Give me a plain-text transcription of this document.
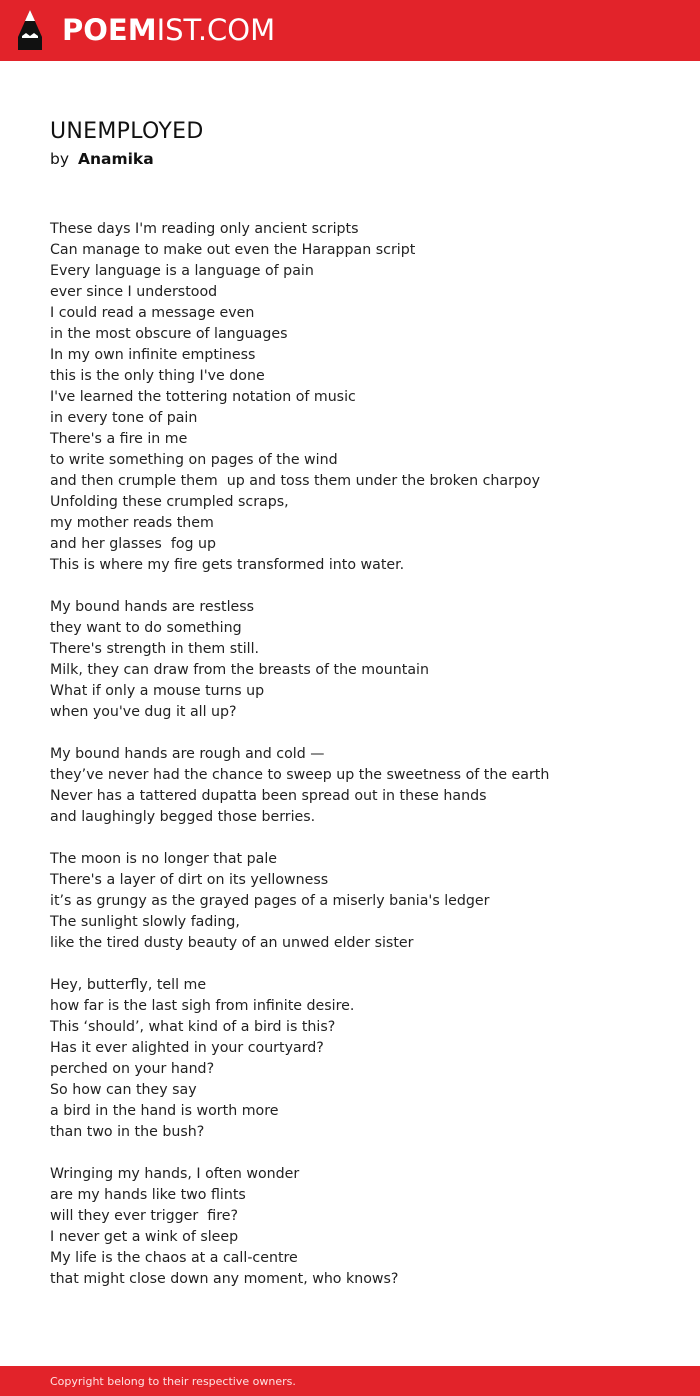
POEMIST.COM
UNEMPLOYED
by Anamika
These days I'm reading only ancient scripts
Can manage to make out even the Harappan script
Every language is a language of pain
ever since I understood
I could read a message even
in the most obscure of languages
In my own infinite emptiness
this is the only thing I've done
I've learned the tottering notation of music
in every tone of pain
There's a fire in me
to write something on pages of the wind
and then crumple them  up and toss them under the broken charpoy
Unfolding these crumpled scraps,
my mother reads them
and her glasses  fog up
This is where my fire gets transformed into water.
My bound hands are restless
they want to do something
There's strength in them still.
Milk, they can draw from the breasts of the mountain
What if only a mouse turns up
when you've dug it all up?
My bound hands are rough and cold —
they’ve never had the chance to sweep up the sweetness of the earth
Never has a tattered dupatta been spread out in these hands
and laughingly begged those berries.
The moon is no longer that pale
There's a layer of dirt on its yellowness
it’s as grungy as the grayed pages of a miserly bania's ledger
The sunlight slowly fading,
like the tired dusty beauty of an unwed elder sister
Hey, butterfly, tell me
how far is the last sigh from infinite desire.
This ‘should’, what kind of a bird is this?
Has it ever alighted in your courtyard?
perched on your hand?
So how can they say
a bird in the hand is worth more
than two in the bush?
Wringing my hands, I often wonder
are my hands like two flints
will they ever trigger  fire?
I never get a wink of sleep
My life is the chaos at a call-centre
that might close down any moment, who knows?
Copyright belong to their respective owners.
